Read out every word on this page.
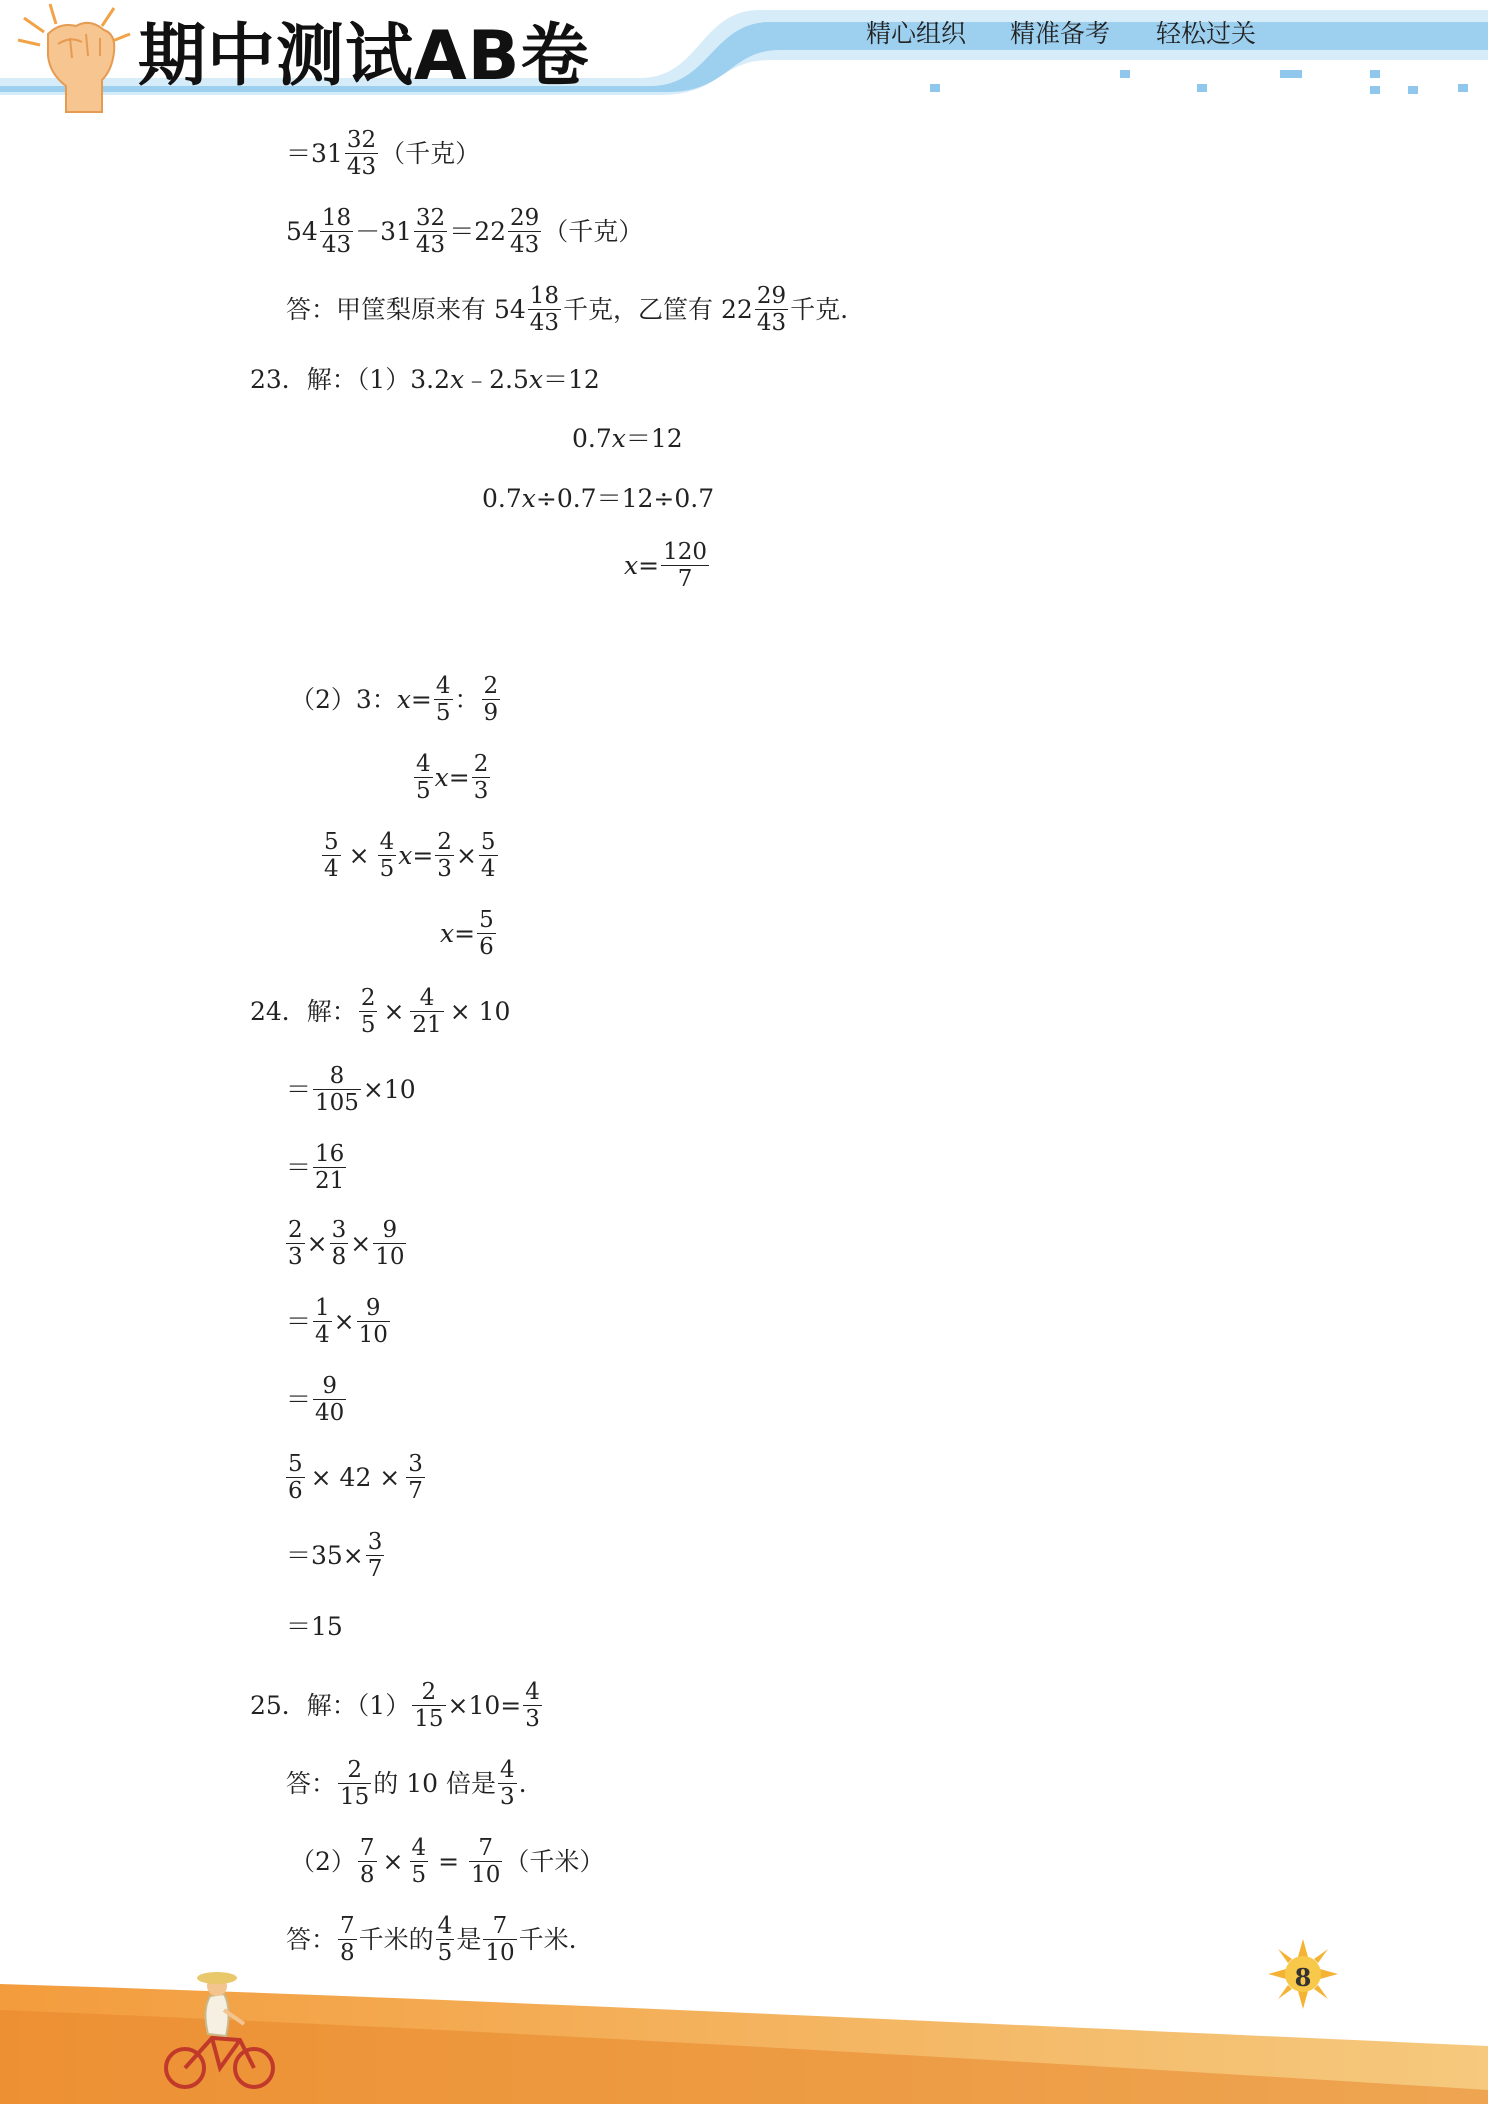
期中测试AB卷	精心组织 精准备考 轻松过关
＝31 32
43 （千克）
54 18
43 －31 32
43 ＝22 29
43 （千克）
答：甲筐梨原来有 54 18
43 千克，乙筐有 22 29
43 千克.
23．解：（1）3.2 x ﹣2.5 x ＝12
0.7 x ＝12
0.7 x ÷0.7＝12÷0.7
x = 120
7
（2）3： x = 4
5 ： 2
9
4
5 x = 2
3
5
4 × 4
5 x = 2
3 × 5
4
x = 5
6
24．解： 2
5 × 4
21 × 10
＝ 8
105 ×10
＝ 16
21
2
3 × 3
8 × 9
10
＝ 1
4 × 9
10
＝ 9
40
5
6 × 42 × 3
7
＝35× 3
7
＝15
25．解：（1） 2
15 ×10= 4
3
答： 2
15 的 10 倍是 4
3 .
（2） 7
8 × 4
5 = 7
10 （千米）
答： 7
8 千米的 4
5 是 7
10 千米.
8
